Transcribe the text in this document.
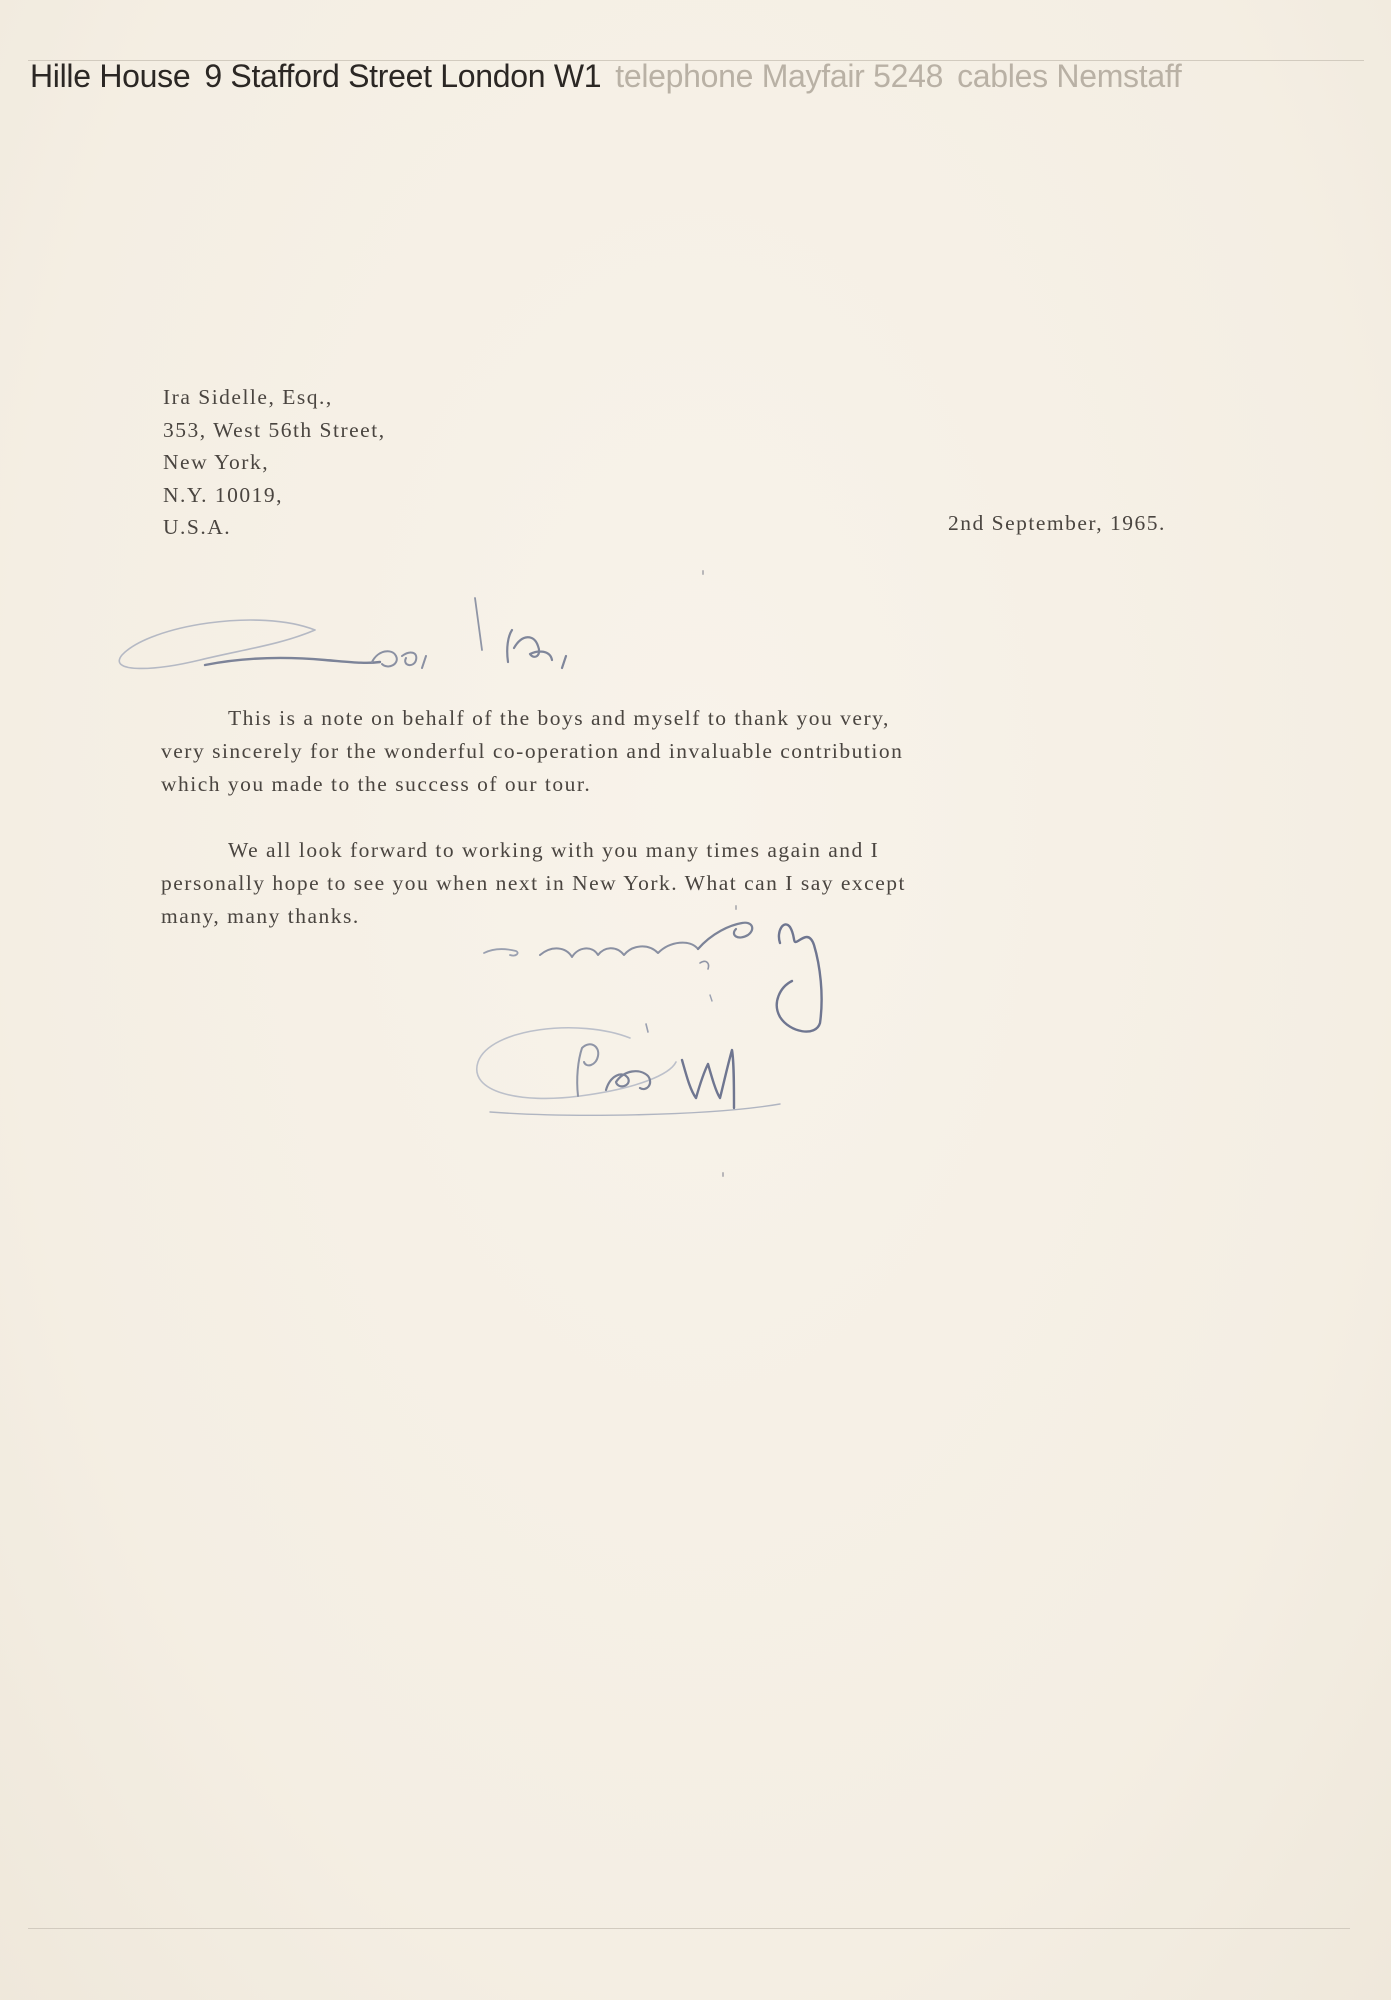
Hille House 9 Stafford Street London W1 telephone Mayfair 5248 cables Nemstaff
Ira Sidelle, Esq.,
353, West 56th Street,
New York,
N.Y. 10019,
U.S.A.	2nd September, 1965.

This is a note on behalf of the boys and myself to thank you very,
very sincerely for the wonderful co-operation and invaluable contribution
which you made to the success of our tour.

We all look forward to working with you many times again and I
personally hope to see you when next in New York. What can I say except
many, many thanks.
